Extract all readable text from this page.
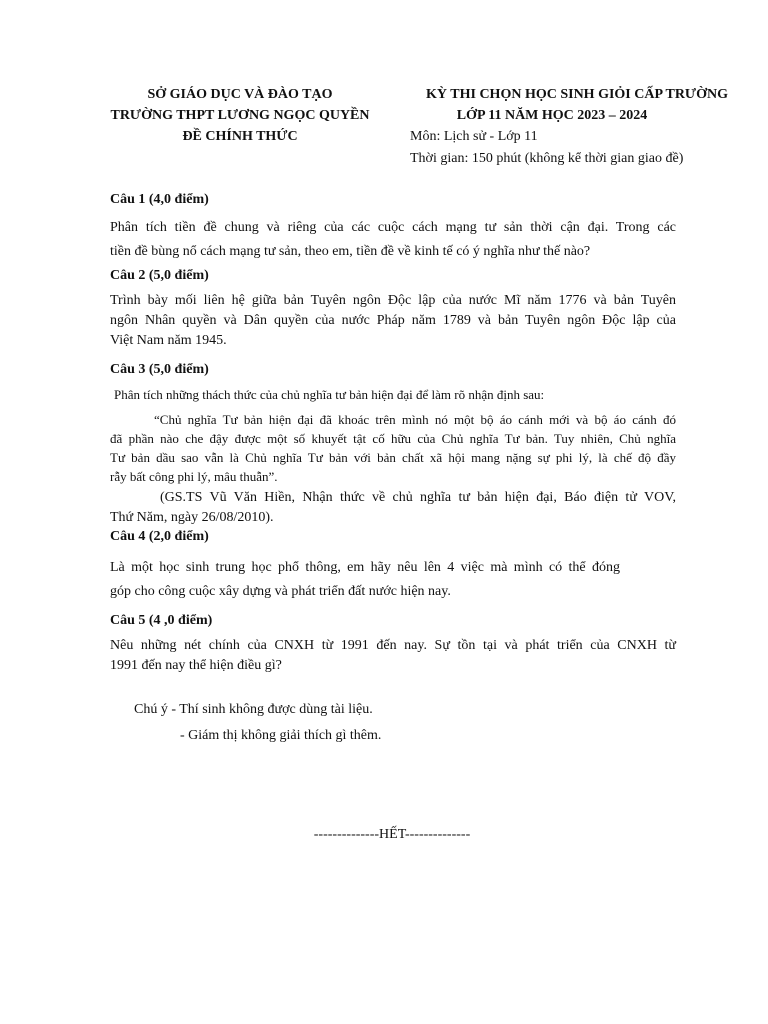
SỞ GIÁO DỤC VÀ ĐÀO TẠO
TRƯỜNG THPT LƯƠNG NGỌC QUYỀN
ĐỀ CHÍNH THỨC
KỲ THI CHỌN HỌC SINH GIỎI CẤP TRƯỜNG
LỚP 11 NĂM HỌC 2023 – 2024
Môn: Lịch sử - Lớp 11
Thời gian: 150 phút (không kể thời gian giao đề)
Câu 1 (4,0 điểm)
Phân tích tiền đề chung và riêng của các cuộc cách mạng tư sản thời cận đại. Trong các
tiền đề bùng nổ cách mạng tư sản, theo em, tiền đề về kinh tế có ý nghĩa như thế nào?
Câu 2 (5,0 điểm)
Trình bày mối liên hệ giữa bản Tuyên ngôn Độc lập của nước Mĩ năm 1776 và bản Tuyên
ngôn Nhân quyền và Dân quyền của nước Pháp năm 1789 và bản Tuyên ngôn Độc lập của
Việt Nam năm 1945.
Câu 3 (5,0 điểm)
Phân tích những thách thức của chủ nghĩa tư bản hiện đại để làm rõ nhận định sau:
“Chủ nghĩa Tư bản hiện đại đã khoác trên mình nó một bộ áo cánh mới và bộ áo cánh đó
đã phần nào che đậy được một số khuyết tật cố hữu của Chủ nghĩa Tư bản. Tuy nhiên, Chủ nghĩa
Tư bản dầu sao vẫn là Chủ nghĩa Tư bản với bản chất xã hội mang nặng sự phi lý, là chế độ đầy
rẫy bất công phi lý, mâu thuẫn”.
(GS.TS Vũ Văn Hiền, Nhận thức về chủ nghĩa tư bản hiện đại, Báo điện tử VOV,
Thứ Năm, ngày 26/08/2010).
Câu 4 (2,0 điểm)
Là một học sinh trung học phổ thông, em hãy nêu lên 4 việc mà mình có thể đóng
góp cho công cuộc xây dựng và phát triển đất nước hiện nay.
Câu 5 (4 ,0 điểm)
Nêu những nét chính của CNXH từ 1991 đến nay. Sự tồn tại và phát triển của CNXH từ
1991 đến nay thể hiện điều gì?
Chú ý - Thí sinh không được dùng tài liệu.
- Giám thị không giải thích gì thêm.
--------------HẾT--------------
